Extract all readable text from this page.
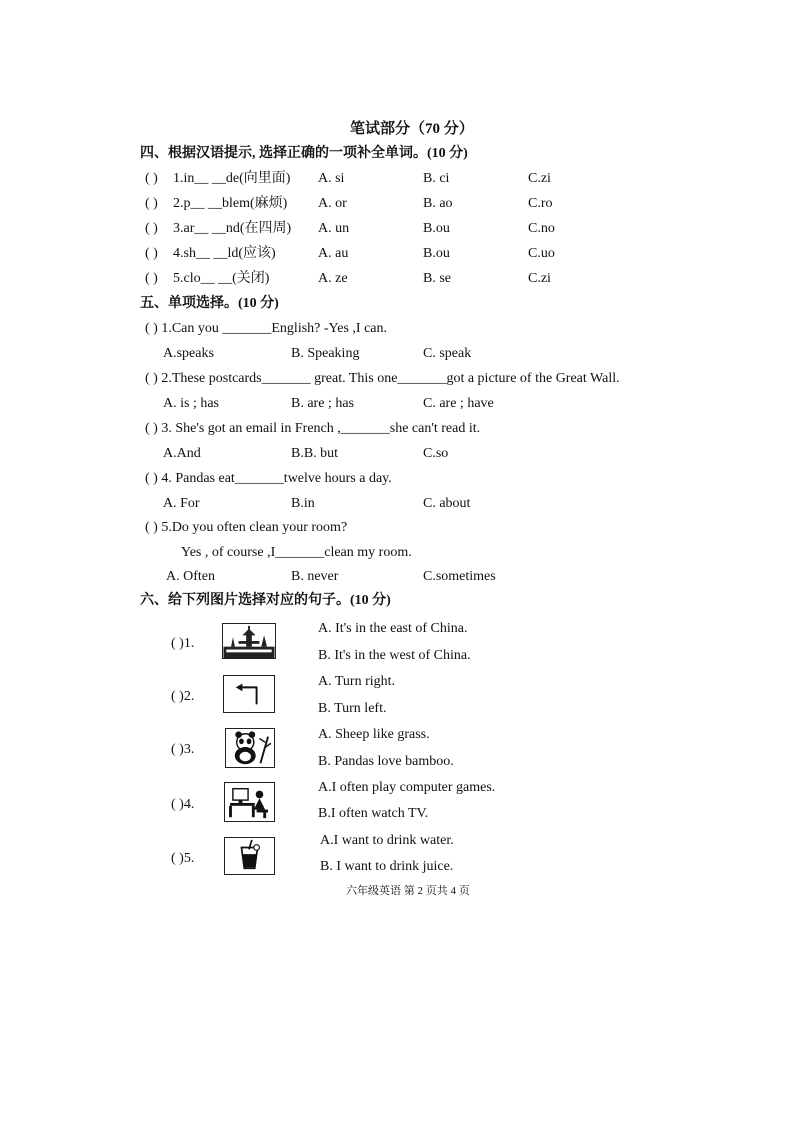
笔试部分（70 分）
四、根据汉语提示, 选择正确的一项补全单词。(10 分)
( ) 1.in__ __de(向里面) A. si	B. ci	C.zi
( ) 2.p__ __blem(麻烦) A. or	B. ao	C.ro
( ) 3.ar__ __nd(在四周) A. un	B.ou	C.no
( ) 4.sh__ __ld(应该)	A. au	B.ou	C.uo
( ) 5.clo__ __(关闭)	A. ze	B. se	C.zi
五、单项选择。(10 分)
( ) 1.Can you _______English? -Yes ,I can.
A.speaks	B. Speaking	C. speak
( ) 2.These postcards_______ great. This one_______got a picture of the Great Wall.
A. is ; has	B. are ; has	C. are ; have
( ) 3. She's got an email in French ,_______she can't read it.
A.And	B.B. but	C.so
( ) 4. Pandas eat_______twelve hours a day.
A. For	B.in	C. about
( ) 5.Do you often clean your room?
Yes , of course ,I_______clean my room.
A. Often	B. never	C.sometimes
六、给下列图片选择对应的句子。(10 分)
( )1.
A. It's in the east of China.
B. It's in the west of China.
( )2.
A. Turn right.
B. Turn left.
( )3.
A. Sheep like grass.
B. Pandas love bamboo.
( )4.
A.I often play computer games.
B.I often watch TV.
( )5.
A.I want to drink water.
B. I want to drink juice.
六年级英语 第 2 页共 4 页
